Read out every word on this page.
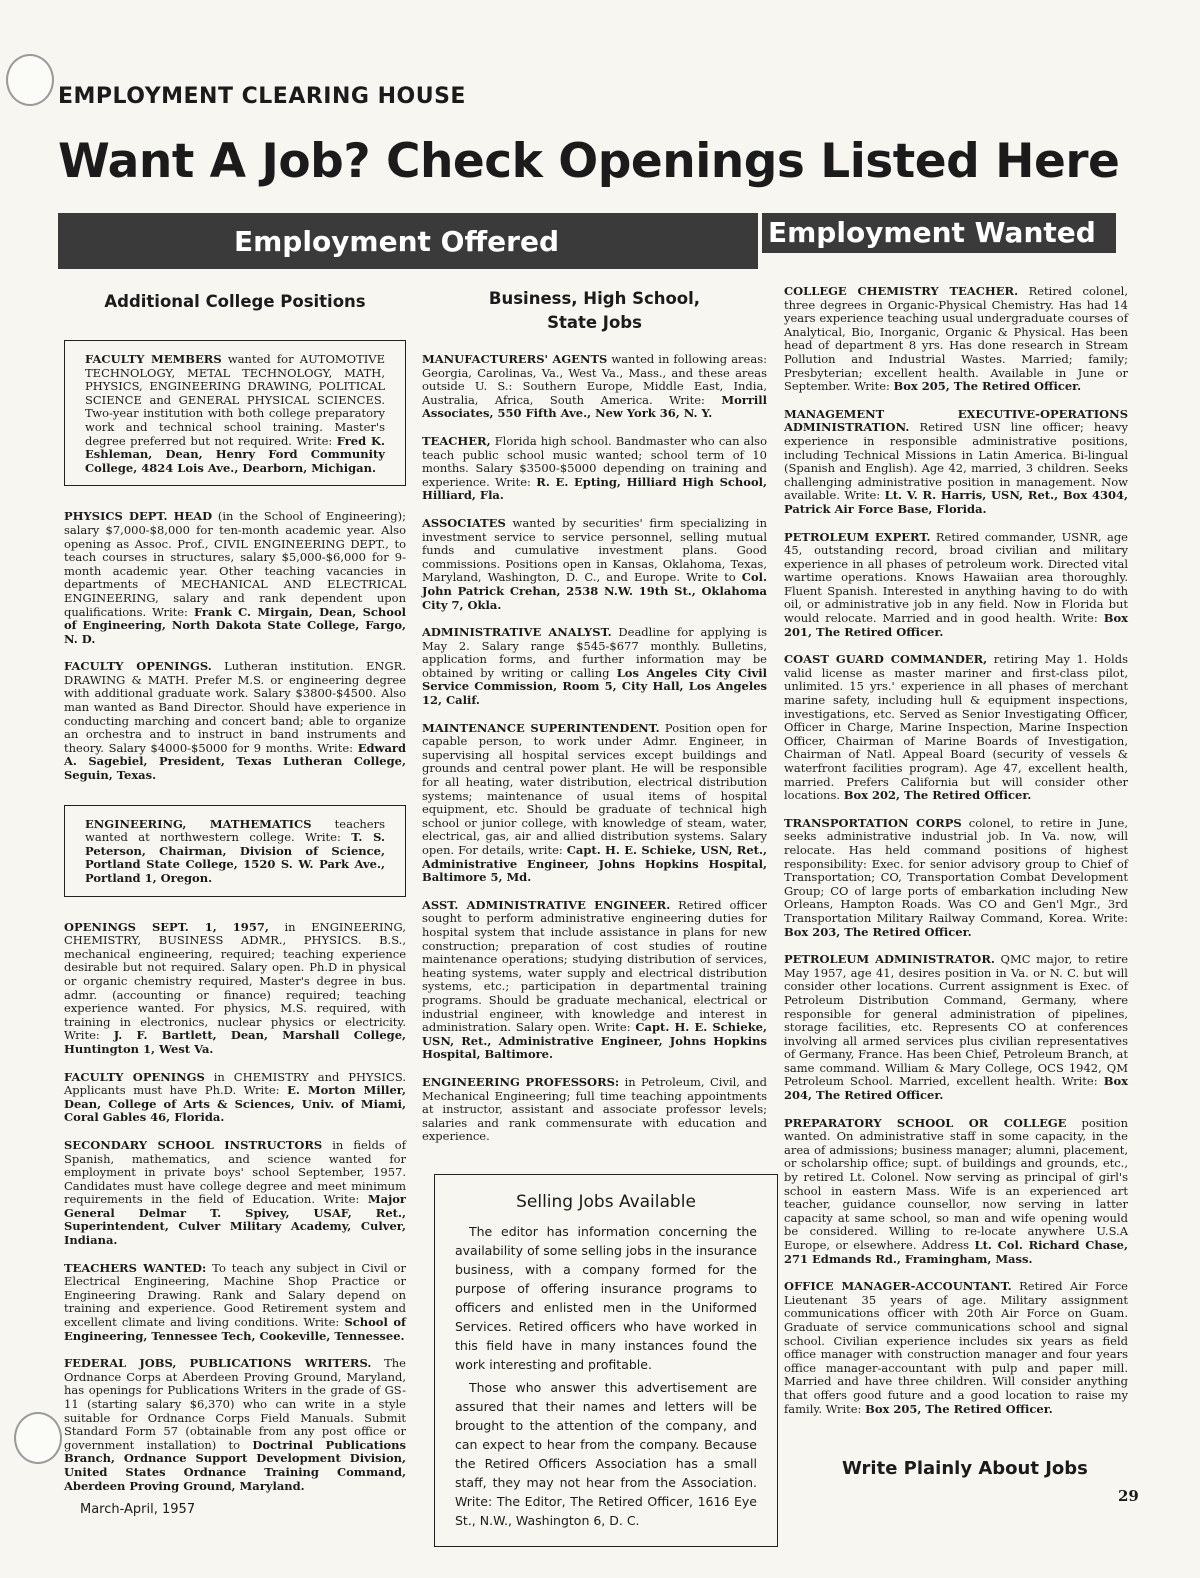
EMPLOYMENT CLEARING HOUSE
Want A Job? Check Openings Listed Here
Employment Offered	Employment Wanted
Additional College Positions
FACULTY MEMBERS wanted for AUTOMOTIVE TECHNOLOGY, METAL TECHNOLOGY, MATH, PHYSICS, ENGINEERING DRAWING, POLITICAL SCIENCE and GENERAL PHYSICAL SCIENCES. Two-year institution with both college preparatory work and technical school training. Master's degree preferred but not required. Write: Fred K. Eshleman, Dean, Henry Ford Community College, 4824 Lois Ave., Dearborn, Michigan.
PHYSICS DEPT. HEAD (in the School of Engineering); salary $7,000-$8,000 for ten-month academic year. Also opening as Assoc. Prof., CIVIL ENGINEERING DEPT., to teach courses in structures, salary $5,000-$6,000 for 9-month academic year. Other teaching vacancies in departments of MECHANICAL AND ELECTRICAL ENGINEERING, salary and rank dependent upon qualifications. Write: Frank C. Mirgain, Dean, School of Engineering, North Dakota State College, Fargo, N. D.
FACULTY OPENINGS. Lutheran institution. ENGR. DRAWING & MATH. Prefer M.S. or engineering degree with additional graduate work. Salary $3800-$4500. Also man wanted as Band Director. Should have experience in conducting marching and concert band; able to organize an orchestra and to instruct in band instruments and theory. Salary $4000-$5000 for 9 months. Write: Edward A. Sagebiel, President, Texas Lutheran College, Seguin, Texas.
ENGINEERING, MATHEMATICS teachers wanted at northwestern college. Write: T. S. Peterson, Chairman, Division of Science, Portland State College, 1520 S. W. Park Ave., Portland 1, Oregon.
OPENINGS SEPT. 1, 1957, in ENGINEERING, CHEMISTRY, BUSINESS ADMR., PHYSICS. B.S., mechanical engineering, required; teaching experience desirable but not required. Salary open. Ph.D in physical or organic chemistry required, Master's degree in bus. admr. (accounting or finance) required; teaching experience wanted. For physics, M.S. required, with training in electronics, nuclear physics or electricity. Write: J. F. Bartlett, Dean, Marshall College, Huntington 1, West Va.
FACULTY OPENINGS in CHEMISTRY and PHYSICS. Applicants must have Ph.D. Write: E. Morton Miller, Dean, College of Arts & Sciences, Univ. of Miami, Coral Gables 46, Florida.
SECONDARY SCHOOL INSTRUCTORS in fields of Spanish, mathematics, and science wanted for employment in private boys' school September, 1957. Candidates must have college degree and meet minimum requirements in the field of Education. Write: Major General Delmar T. Spivey, USAF, Ret., Superintendent, Culver Military Academy, Culver, Indiana.
TEACHERS WANTED: To teach any subject in Civil or Electrical Engineering, Machine Shop Practice or Engineering Drawing. Rank and Salary depend on training and experience. Good Retirement system and excellent climate and living conditions. Write: School of Engineering, Tennessee Tech, Cookeville, Tennessee.
FEDERAL JOBS, PUBLICATIONS WRITERS. The Ordnance Corps at Aberdeen Proving Ground, Maryland, has openings for Publications Writers in the grade of GS-11 (starting salary $6,370) who can write in a style suitable for Ordnance Corps Field Manuals. Submit Standard Form 57 (obtainable from any post office or government installation) to Doctrinal Publications Branch, Ordnance Support Development Division, United States Ordnance Training Command, Aberdeen Proving Ground, Maryland.
Business, High School,
State Jobs
MANUFACTURERS' AGENTS wanted in following areas: Georgia, Carolinas, Va., West Va., Mass., and these areas outside U. S.: Southern Europe, Middle East, India, Australia, Africa, South America. Write: Morrill Associates, 550 Fifth Ave., New York 36, N. Y.
TEACHER, Florida high school. Bandmaster who can also teach public school music wanted; school term of 10 months. Salary $3500-$5000 depending on training and experience. Write: R. E. Epting, Hilliard High School, Hilliard, Fla.
ASSOCIATES wanted by securities' firm specializing in investment service to service personnel, selling mutual funds and cumulative investment plans. Good commissions. Positions open in Kansas, Oklahoma, Texas, Maryland, Washington, D. C., and Europe. Write to Col. John Patrick Crehan, 2538 N.W. 19th St., Oklahoma City 7, Okla.
ADMINISTRATIVE ANALYST. Deadline for applying is May 2. Salary range $545-$677 monthly. Bulletins, application forms, and further information may be obtained by writing or calling Los Angeles City Civil Service Commission, Room 5, City Hall, Los Angeles 12, Calif.
MAINTENANCE SUPERINTENDENT. Position open for capable person, to work under Admr. Engineer, in supervising all hospital services except buildings and grounds and central power plant. He will be responsible for all heating, water distribution, electrical distribution systems; maintenance of usual items of hospital equipment, etc. Should be graduate of technical high school or junior college, with knowledge of steam, water, electrical, gas, air and allied distribution systems. Salary open. For details, write: Capt. H. E. Schieke, USN, Ret., Administrative Engineer, Johns Hopkins Hospital, Baltimore 5, Md.
ASST. ADMINISTRATIVE ENGINEER. Retired officer sought to perform administrative engineering duties for hospital system that include assistance in plans for new construction; preparation of cost studies of routine maintenance operations; studying distribution of services, heating systems, water supply and electrical distribution systems, etc.; participation in departmental training programs. Should be graduate mechanical, electrical or industrial engineer, with knowledge and interest in administration. Salary open. Write: Capt. H. E. Schieke, USN, Ret., Administrative Engineer, Johns Hopkins Hospital, Baltimore.
ENGINEERING PROFESSORS: in Petroleum, Civil, and Mechanical Engineering; full time teaching appointments at instructor, assistant and associate professor levels; salaries and rank commensurate with education and experience.
Selling Jobs Available

The editor has information concerning the availability of some selling jobs in the insurance business, with a company formed for the purpose of offering insurance programs to officers and enlisted men in the Uniformed Services. Retired officers who have worked in this field have in many instances found the work interesting and profitable.

Those who answer this advertisement are assured that their names and letters will be brought to the attention of the company, and can expect to hear from the company. Because the Retired Officers Association has a small staff, they may not hear from the Association. Write: The Editor, The Retired Officer, 1616 Eye St., N.W., Washington 6, D. C.

COLLEGE CHEMISTRY TEACHER. Retired colonel, three degrees in Organic-Physical Chemistry. Has had 14 years experience teaching usual undergraduate courses of Analytical, Bio, Inorganic, Organic & Physical. Has been head of department 8 yrs. Has done research in Stream Pollution and Industrial Wastes. Married; family; Presbyterian; excellent health. Available in June or September. Write: Box 205, The Retired Officer.
MANAGEMENT EXECUTIVE-OPERATIONS ADMINISTRATION. Retired USN line officer; heavy experience in responsible administrative positions, including Technical Missions in Latin America. Bi-lingual (Spanish and English). Age 42, married, 3 children. Seeks challenging administrative position in management. Now available. Write: Lt. V. R. Harris, USN, Ret., Box 4304, Patrick Air Force Base, Florida.
PETROLEUM EXPERT. Retired commander, USNR, age 45, outstanding record, broad civilian and military experience in all phases of petroleum work. Directed vital wartime operations. Knows Hawaiian area thoroughly. Fluent Spanish. Interested in anything having to do with oil, or administrative job in any field. Now in Florida but would relocate. Married and in good health. Write: Box 201, The Retired Officer.
COAST GUARD COMMANDER, retiring May 1. Holds valid license as master mariner and first-class pilot, unlimited. 15 yrs.' experience in all phases of merchant marine safety, including hull & equipment inspections, investigations, etc. Served as Senior Investigating Officer, Officer in Charge, Marine Inspection, Marine Inspection Officer, Chairman of Marine Boards of Investigation, Chairman of Natl. Appeal Board (security of vessels & waterfront facilities program). Age 47, excellent health, married. Prefers California but will consider other locations. Box 202, The Retired Officer.
TRANSPORTATION CORPS colonel, to retire in June, seeks administrative industrial job. In Va. now, will relocate. Has held command positions of highest responsibility: Exec. for senior advisory group to Chief of Transportation; CO, Transportation Combat Development Group; CO of large ports of embarkation including New Orleans, Hampton Roads. Was CO and Gen'l Mgr., 3rd Transportation Military Railway Command, Korea. Write: Box 203, The Retired Officer.
PETROLEUM ADMINISTRATOR. QMC major, to retire May 1957, age 41, desires position in Va. or N. C. but will consider other locations. Current assignment is Exec. of Petroleum Distribution Command, Germany, where responsible for general administration of pipelines, storage facilities, etc. Represents CO at conferences involving all armed services plus civilian representatives of Germany, France. Has been Chief, Petroleum Branch, at same command. William & Mary College, OCS 1942, QM Petroleum School. Married, excellent health. Write: Box 204, The Retired Officer.
PREPARATORY SCHOOL OR COLLEGE position wanted. On administrative staff in some capacity, in the area of admissions; business manager; alumni, placement, or scholarship office; supt. of buildings and grounds, etc., by retired Lt. Colonel. Now serving as principal of girl's school in eastern Mass. Wife is an experienced art teacher, guidance counsellor, now serving in latter capacity at same school, so man and wife opening would be considered. Willing to re-locate anywhere U.S.A Europe, or elsewhere. Address Lt. Col. Richard Chase, 271 Edmands Rd., Framingham, Mass.
OFFICE MANAGER-ACCOUNTANT. Retired Air Force Lieutenant 35 years of age. Military assignment communications officer with 20th Air Force on Guam. Graduate of service communications school and signal school. Civilian experience includes six years as field office manager with construction manager and four years office manager-accountant with pulp and paper mill. Married and have three children. Will consider anything that offers good future and a good location to raise my family. Write: Box 205, The Retired Officer.
Write Plainly About Jobs
March-April, 1957
29
